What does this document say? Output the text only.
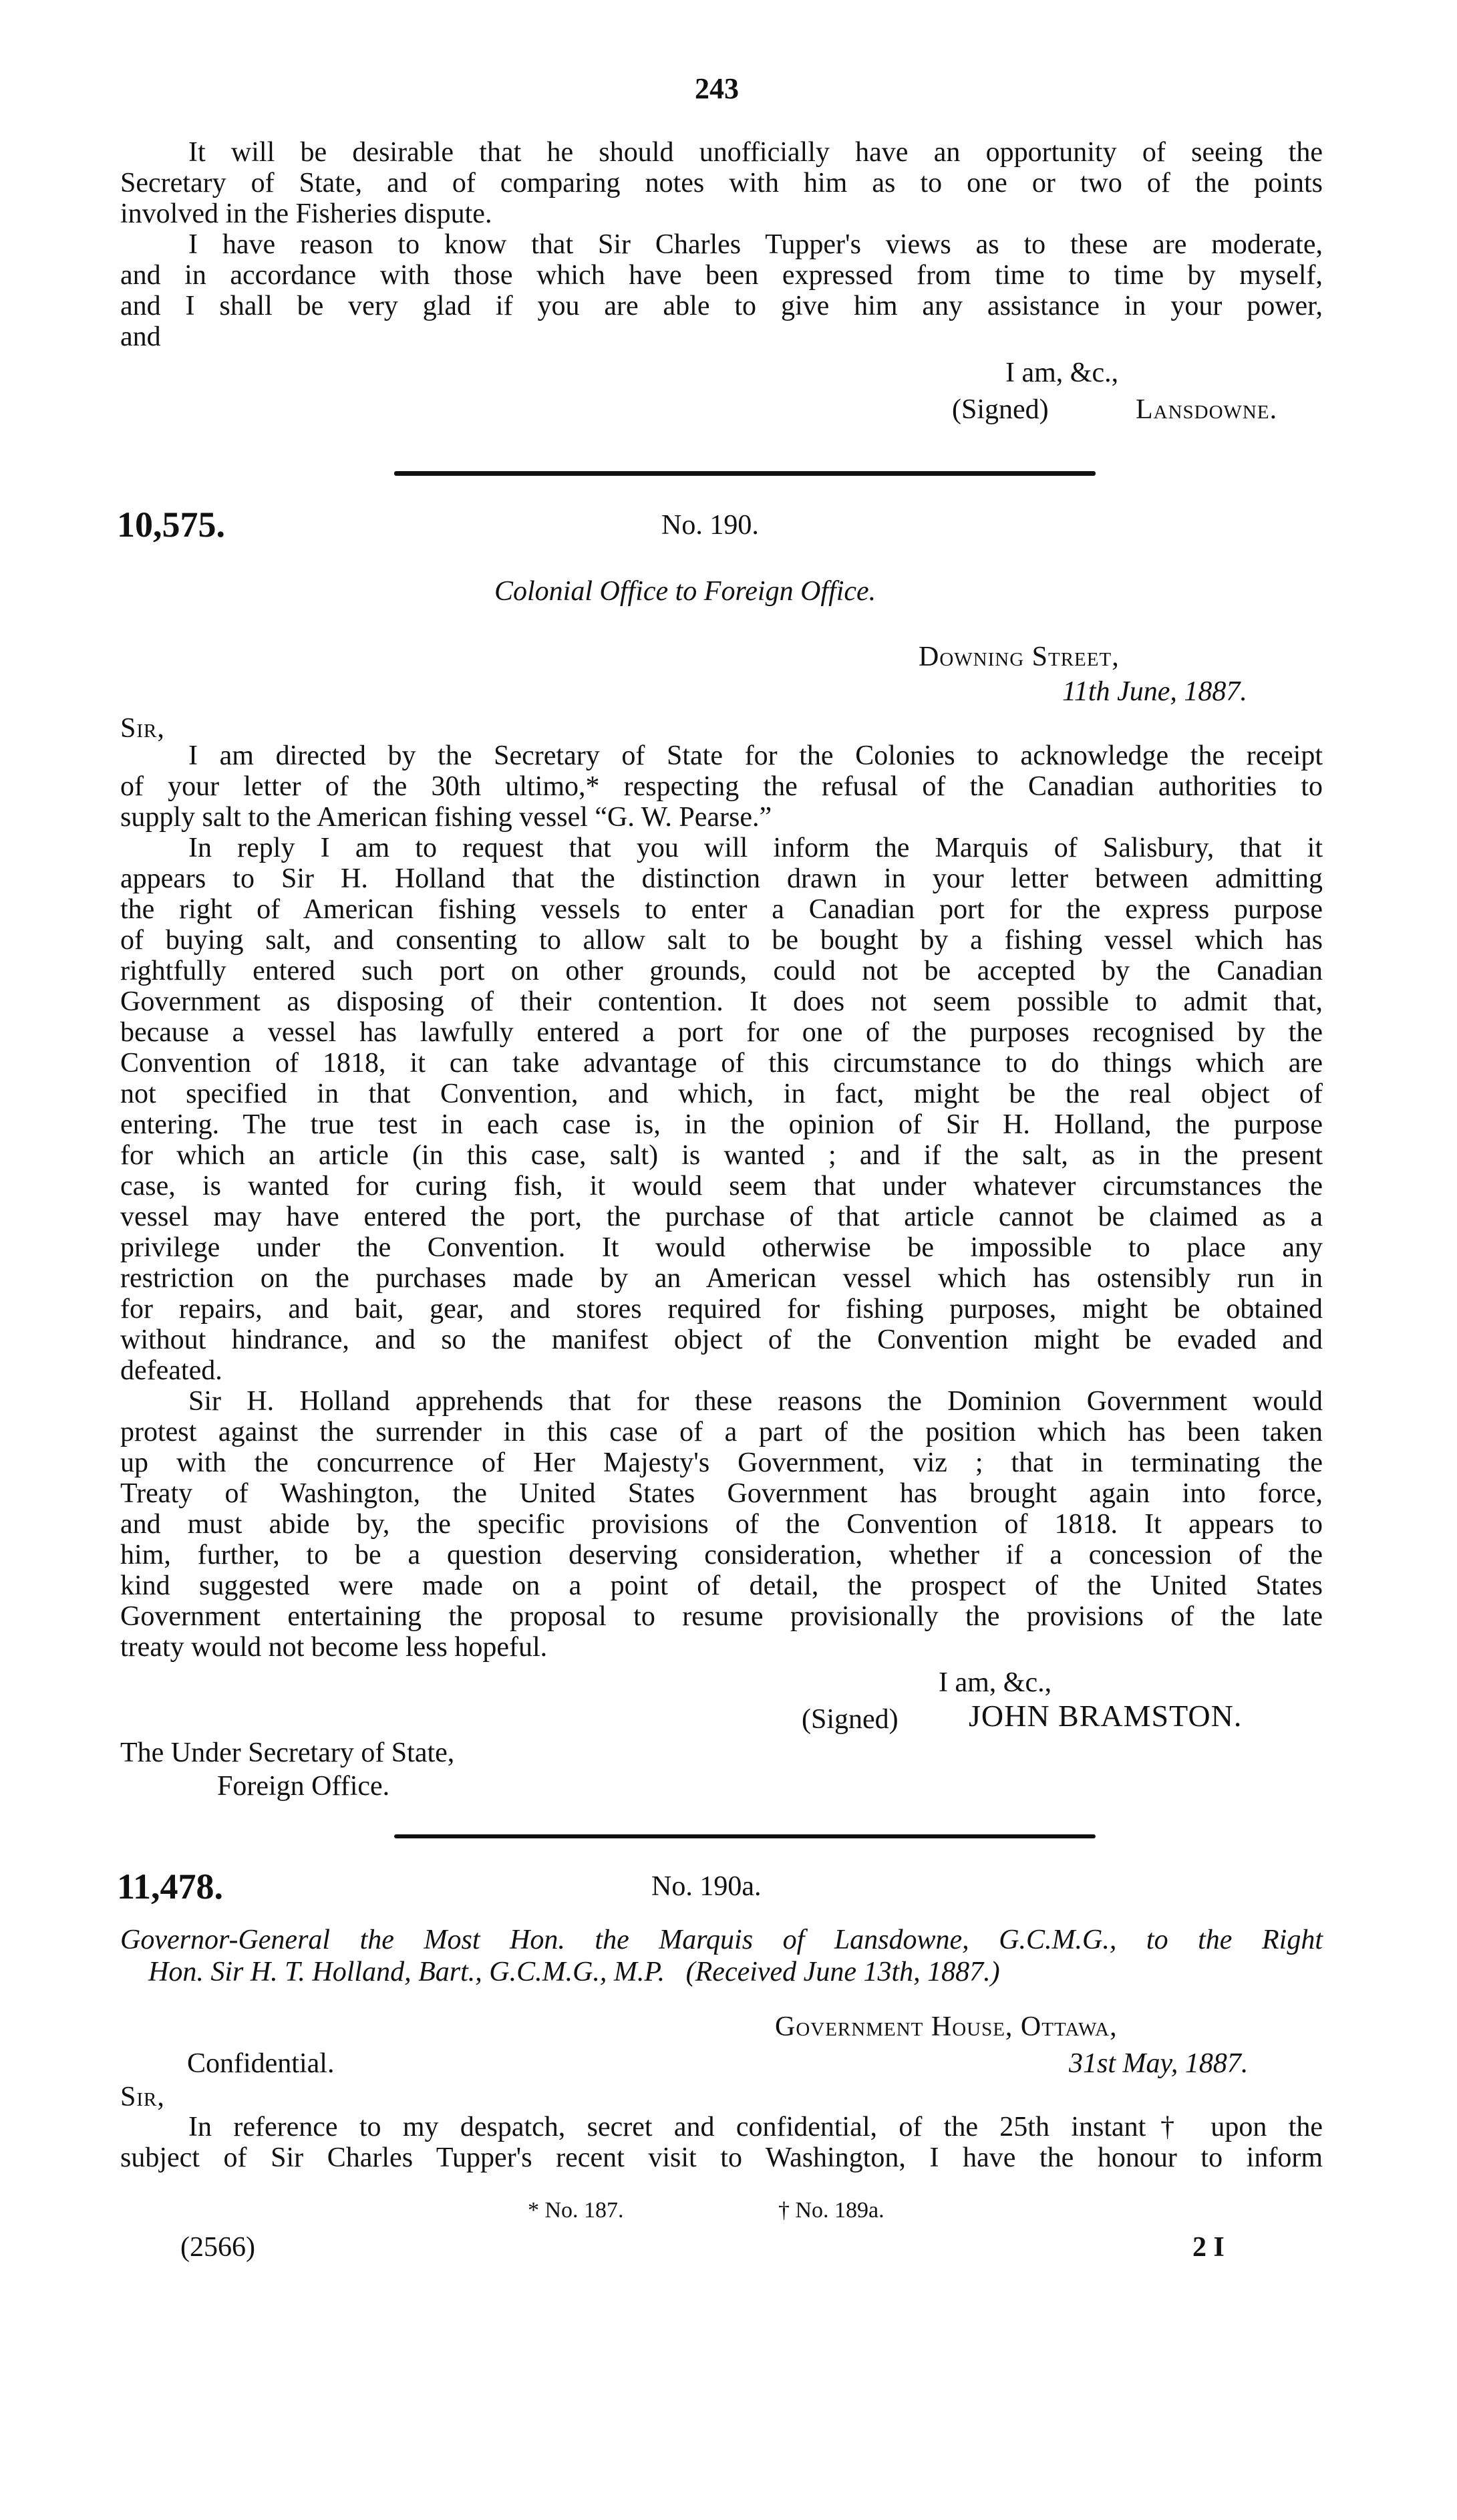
243
It will be desirable that he should unofficially have an opportunity of seeing the
Secretary of State, and of comparing notes with him as to one or two of the points
involved in the Fisheries dispute.
I have reason to know that Sir Charles Tupper's views as to these are moderate,
and in accordance with those which have been expressed from time to time by myself,
and I shall be very glad if you are able to give him any assistance in your power,
and
I am, &c.,
(Signed)	Lansdowne.
10,575.	No. 190.
Colonial Office to Foreign Office.
Downing Street,
11th June, 1887.
Sir,
I am directed by the Secretary of State for the Colonies to acknowledge the receipt
of your letter of the 30th ultimo,* respecting the refusal of the Canadian authorities to
supply salt to the American fishing vessel “G. W. Pearse.”
In reply I am to request that you will inform the Marquis of Salisbury, that it
appears to Sir H. Holland that the distinction drawn in your letter between admitting
the right of American fishing vessels to enter a Canadian port for the express purpose
of buying salt, and consenting to allow salt to be bought by a fishing vessel which has
rightfully entered such port on other grounds, could not be accepted by the Canadian
Government as disposing of their contention. It does not seem possible to admit that,
because a vessel has lawfully entered a port for one of the purposes recognised by the
Convention of 1818, it can take advantage of this circumstance to do things which are
not specified in that Convention, and which, in fact, might be the real object of
entering. The true test in each case is, in the opinion of Sir H. Holland, the purpose
for which an article (in this case, salt) is wanted ; and if the salt, as in the present
case, is wanted for curing fish, it would seem that under whatever circumstances the
vessel may have entered the port, the purchase of that article cannot be claimed as a
privilege under the Convention. It would otherwise be impossible to place any
restriction on the purchases made by an American vessel which has ostensibly run in
for repairs, and bait, gear, and stores required for fishing purposes, might be obtained
without hindrance, and so the manifest object of the Convention might be evaded and
defeated.
Sir H. Holland apprehends that for these reasons the Dominion Government would
protest against the surrender in this case of a part of the position which has been taken
up with the concurrence of Her Majesty's Government, viz ; that in terminating the
Treaty of Washington, the United States Government has brought again into force,
and must abide by, the specific provisions of the Convention of 1818. It appears to
him, further, to be a question deserving consideration, whether if a concession of the
kind suggested were made on a point of detail, the prospect of the United States
Government entertaining the proposal to resume provisionally the provisions of the late
treaty would not become less hopeful.
I am, &c.,
(Signed) JOHN BRAMSTON.
The Under Secretary of State,
Foreign Office.
11,478.	No. 190a.
Governor-General the Most Hon. the Marquis of Lansdowne, G.C.M.G., to the Right
Hon. Sir H. T. Holland, Bart., G.C.M.G., M.P. (Received June 13th, 1887.)
Government House, Ottawa,
Confidential.	31st May, 1887.
Sir,
In reference to my despatch, secret and confidential, of the 25th instant† upon the
subject of Sir Charles Tupper's recent visit to Washington, I have the honour to inform
* No. 187.	† No. 189a.
(2566)	2 I
